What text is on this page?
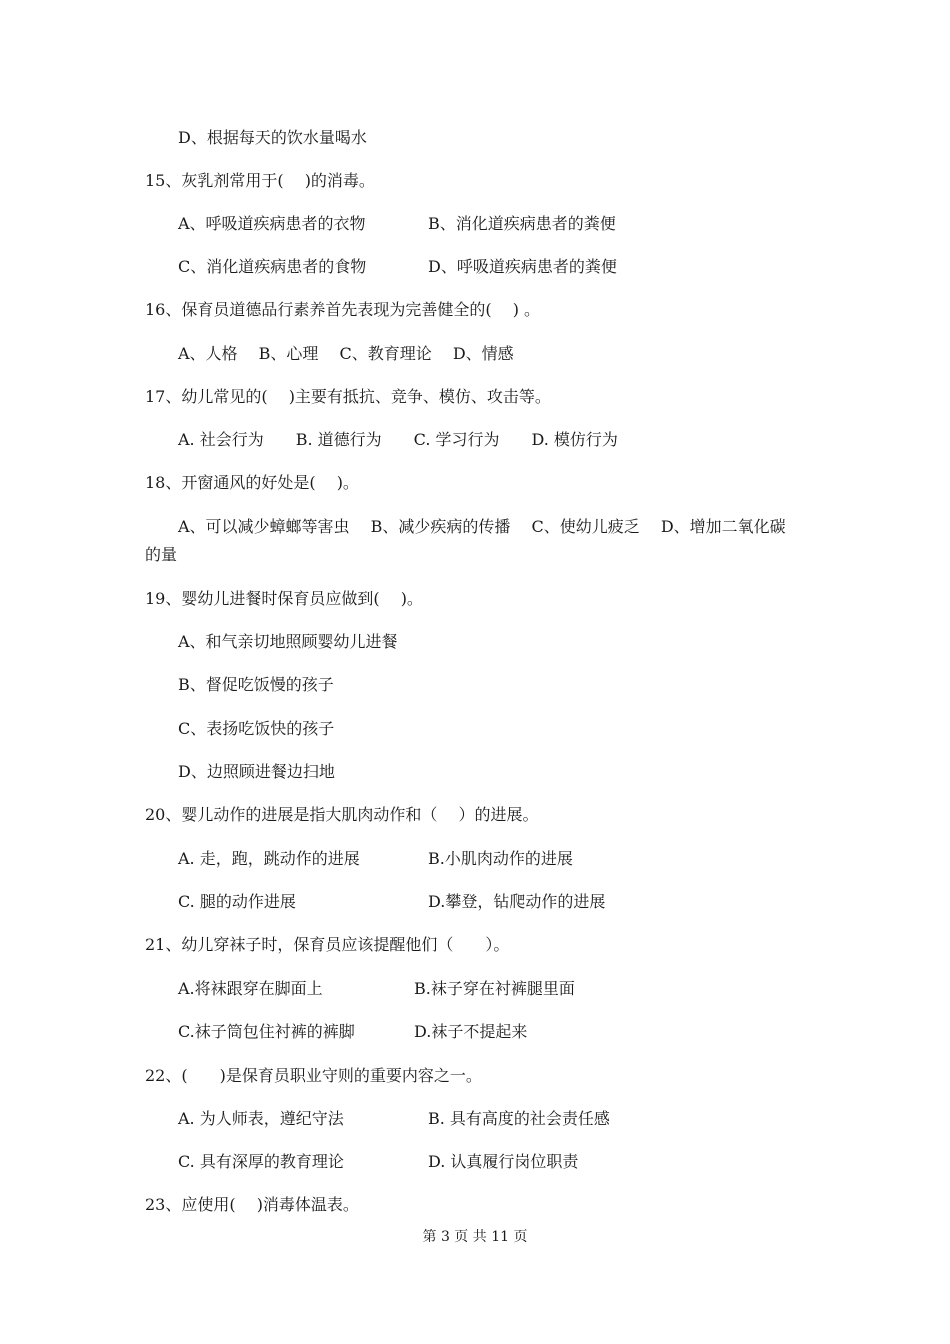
D、根据每天的饮水量喝水
15、灰乳剂常用于(　 )的消毒。
A、呼吸道疾病患者的衣物	B、消化道疾病患者的粪便
C、消化道疾病患者的食物	D、呼吸道疾病患者的粪便
16、保育员道德品行素养首先表现为完善健全的(　 ) 。
A、人格　 B、心理　 C、教育理论　 D、情感
17、幼儿常见的(　 )主要有抵抗、竞争、模仿、攻击等。
A. 社会行为　　B. 道德行为　　C. 学习行为　　D. 模仿行为
18、开窗通风的好处是(　 )。
A、可以减少蟑螂等害虫　 B、减少疾病的传播　 C、使幼儿疲乏　 D、增加二氧化碳
的量
19、婴幼儿进餐时保育员应做到(　 )。
A、和气亲切地照顾婴幼儿进餐
B、督促吃饭慢的孩子
C、表扬吃饭快的孩子
D、边照顾进餐边扫地
20、婴儿动作的进展是指大肌肉动作和（　 ）的进展。
A. 走，跑，跳动作的进展	B.小肌肉动作的进展
C. 腿的动作进展	D.攀登，钻爬动作的进展
21、幼儿穿袜子时，保育员应该提醒他们（　　）。
A.将袜跟穿在脚面上	B.袜子穿在衬裤腿里面
C.袜子筒包住衬裤的裤脚	D.袜子不提起来
22、(　　)是保育员职业守则的重要内容之一。
A. 为人师表，遵纪守法	B. 具有高度的社会责任感
C. 具有深厚的教育理论	D. 认真履行岗位职责
23、应使用(　 )消毒体温表。
第 3 页 共 11 页
